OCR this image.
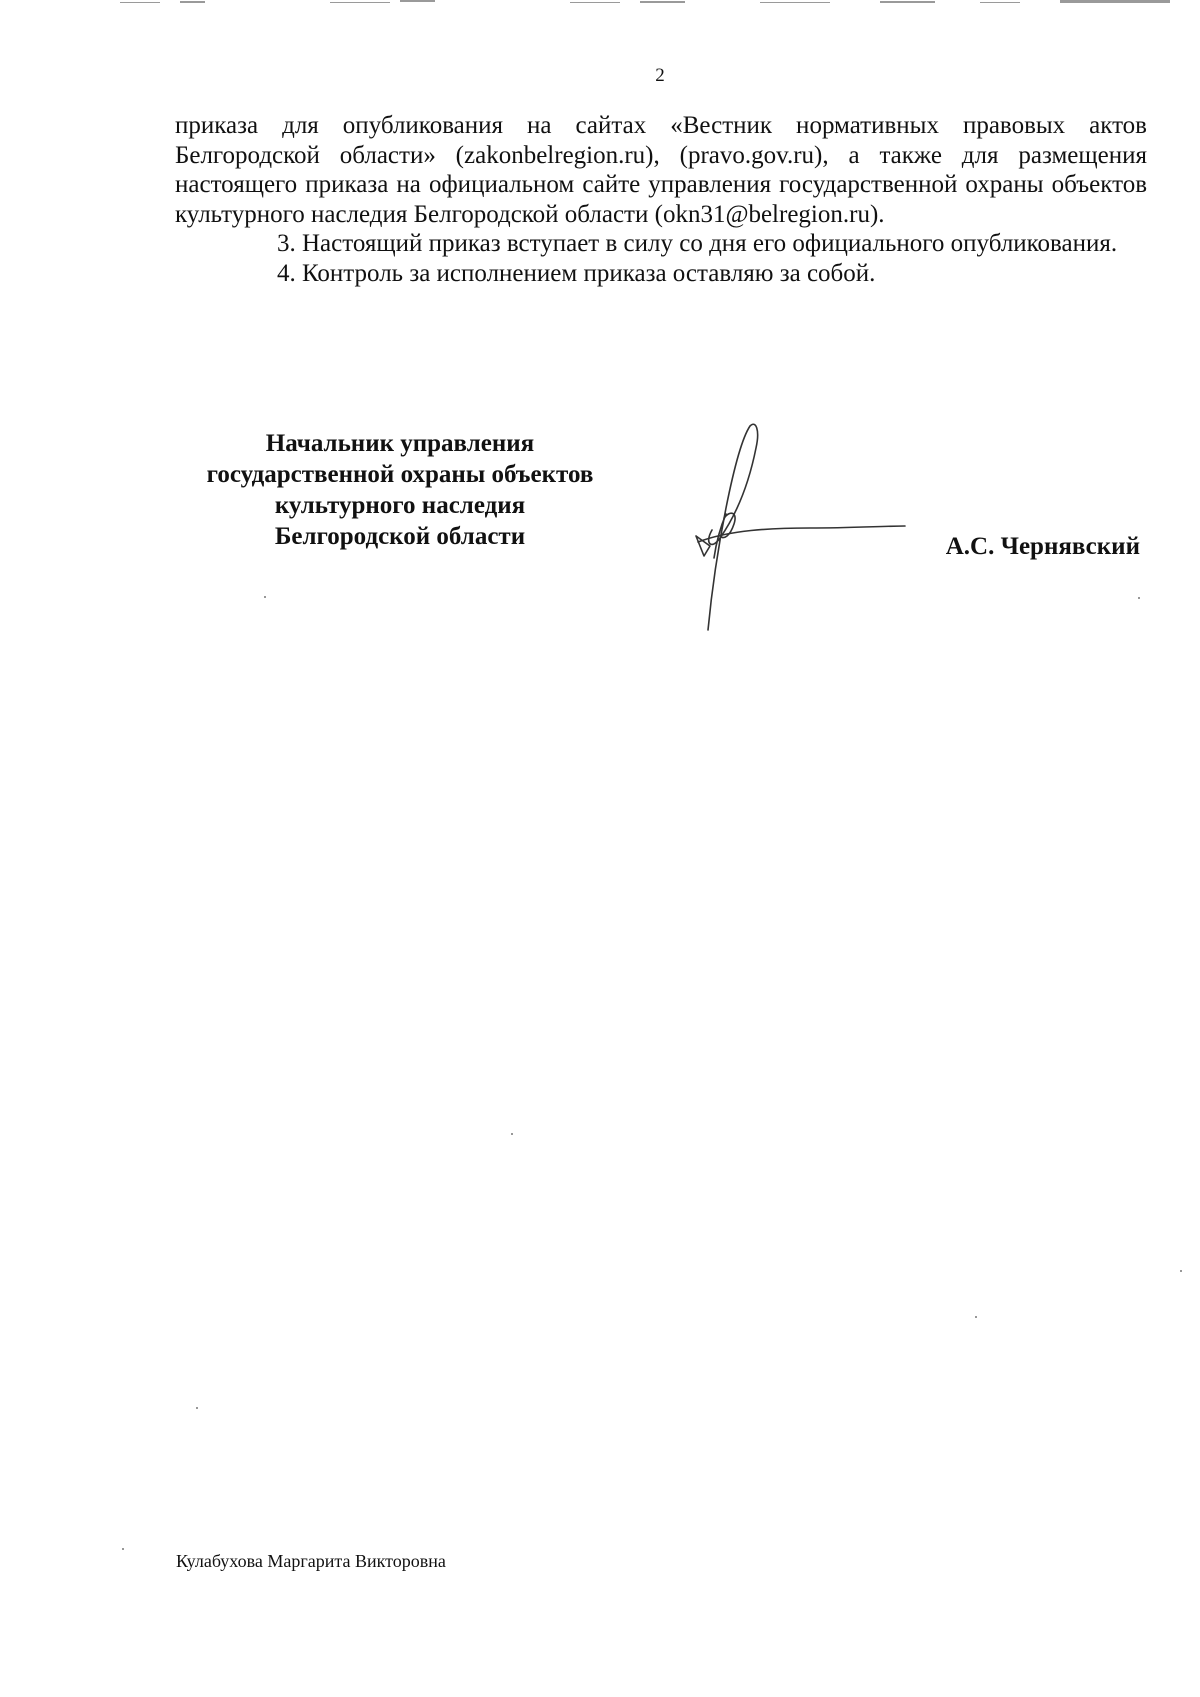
2

приказа для опубликования на сайтах «Вестник нормативных правовых актов Белгородской области» (zakonbelregion.ru), (pravo.gov.ru), а также для размещения настоящего приказа на официальном сайте управления государственной охраны объектов культурного наследия Белгородской области (okn31@belregion.ru).

3. Настоящий приказ вступает в силу со дня его официального опубликования.

4. Контроль за исполнением приказа оставляю за собой.

Начальник управления
государственной охраны объектов
культурного наследия
Белгородской области	А.С. Чернявский
Кулабухова Маргарита Викторовна
